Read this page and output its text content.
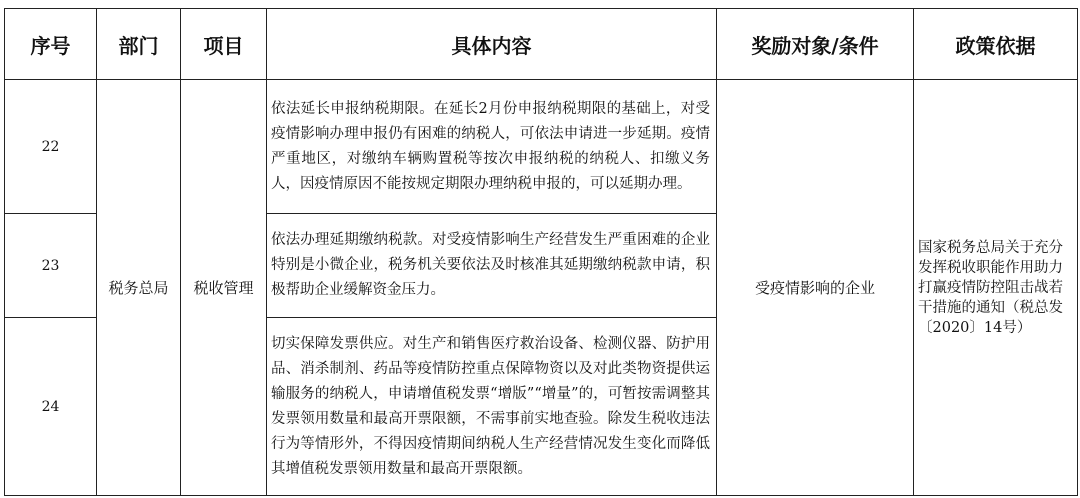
序号	部门	项目	具体内容	奖励对象/条件	政策依据
22	税务总局	税收管理	依法延长申报纳税期限。在延长2月份申报纳税期限的基础上，对受疫情影响办理申报仍有困难的纳税人，可依法申请进一步延期。疫情严重地区，对缴纳车辆购置税等按次申报纳税的纳税人、扣缴义务人，因疫情原因不能按规定期限办理纳税申报的，可以延期办理。	受疫情影响的企业	国家税务总局关于充分发挥税收职能作用助力打赢疫情防控阻击战若干措施的通知（税总发〔2020〕14号）
23			依法办理延期缴纳税款。对受疫情影响生产经营发生严重困难的企业特别是小微企业，税务机关要依法及时核准其延期缴纳税款申请，积极帮助企业缓解资金压力。		

24			切实保障发票供应。对生产和销售医疗救治设备、检测仪器、防护用品、消杀制剂、药品等疫情防控重点保障物资以及对此类物资提供运输服务的纳税人，申请增值税发票“增版”“增量”的，可暂按需调整其发票领用数量和最高开票限额，不需事前实地查验。除发生税收违法行为等情形外，不得因疫情期间纳税人生产经营情况发生变化而降低其增值税发票领用数量和最高开票限额。		
